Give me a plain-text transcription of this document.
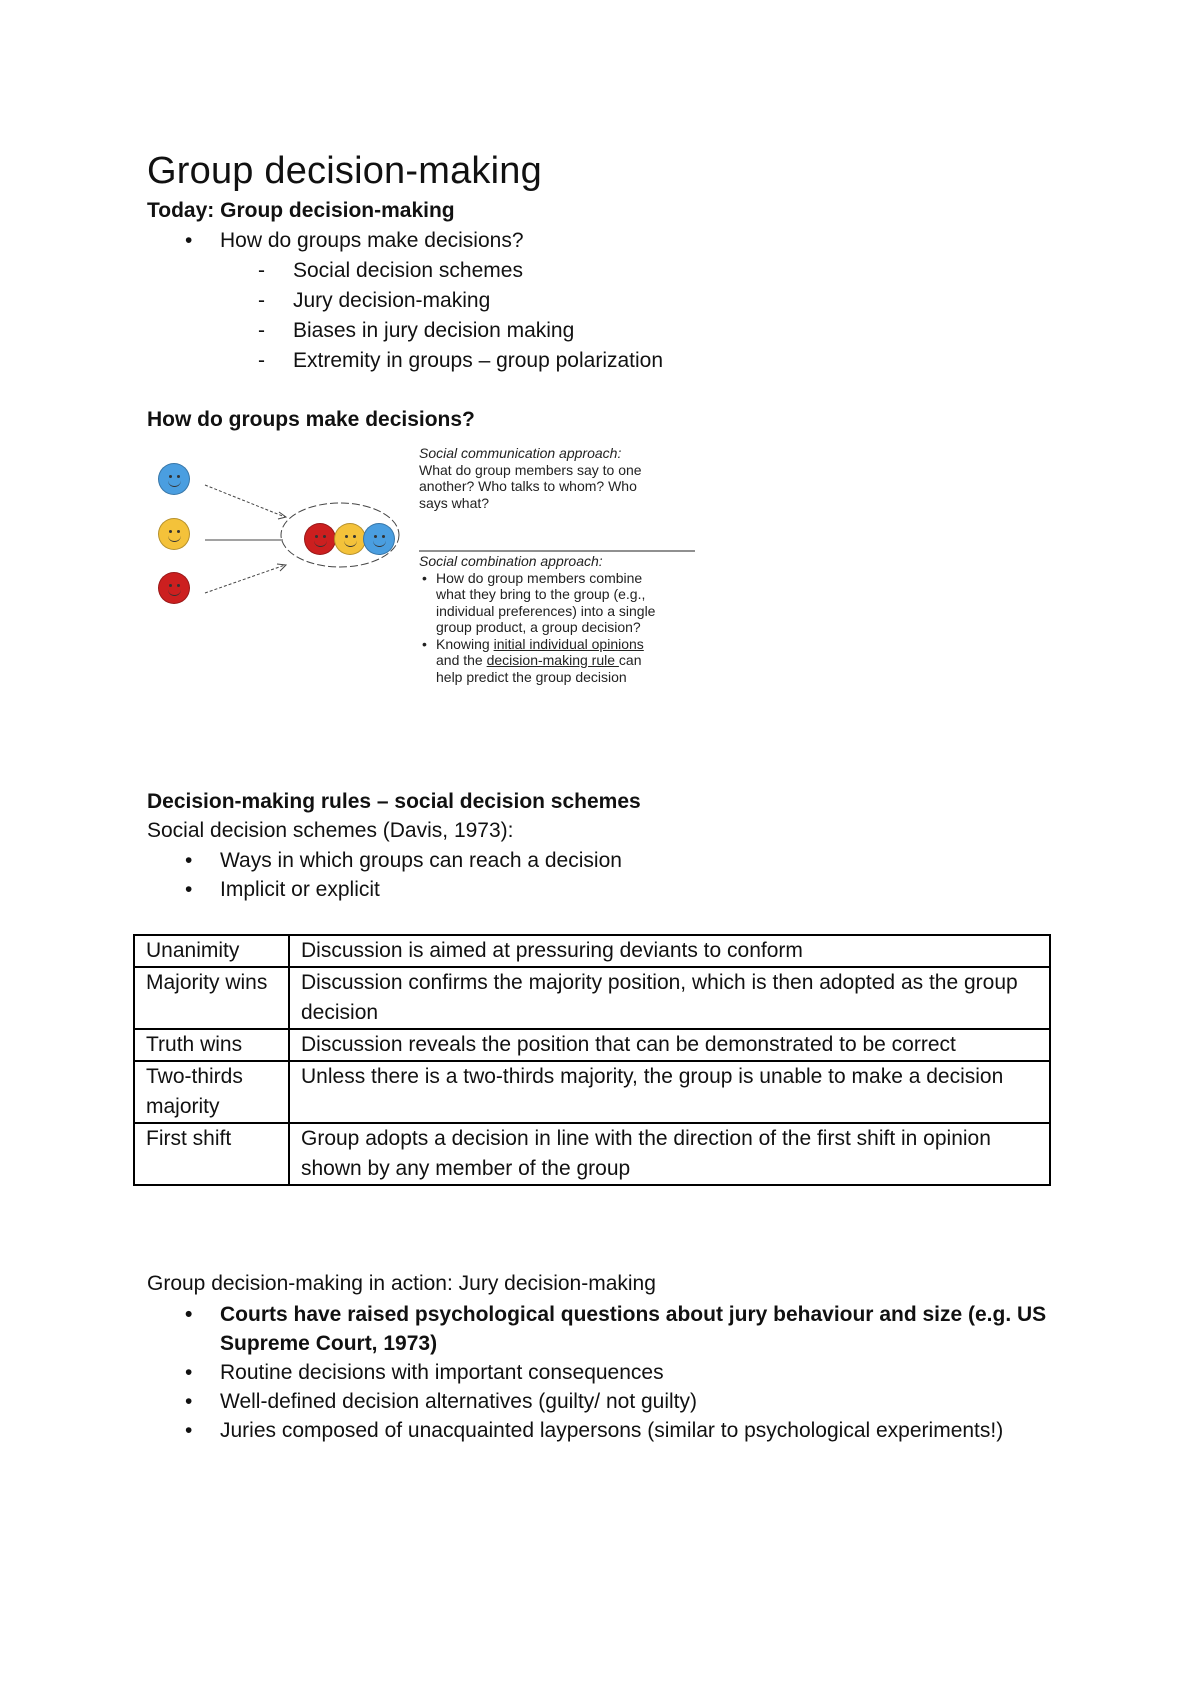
Group decision-making
Today: Group decision-making
• How do groups make decisions?
- Social decision schemes
- Jury decision-making
- Biases in jury decision making
- Extremity in groups – group polarization
How do groups make decisions?
Social communication approach:
What do group members say to one
another? Who talks to whom? Who
says what?
Social combination approach:
• How do group members combine
what they bring to the group (e.g.,
individual preferences) into a single
group product, a group decision?
• Knowing initial individual opinions
and the decision-making rule can
help predict the group decision
Decision-making rules – social decision schemes
Social decision schemes (Davis, 1973):
• Ways in which groups can reach a decision
• Implicit or explicit
Unanimity	Discussion is aimed at pressuring deviants to conform
Majority wins	Discussion confirms the majority position, which is then adopted as the group decision
Truth wins	Discussion reveals the position that can be demonstrated to be correct
Two-thirds majority	Unless there is a two-thirds majority, the group is unable to make a decision
First shift	Group adopts a decision in line with the direction of the first shift in opinion shown by any member of the group
Group decision-making in action: Jury decision-making
• Courts have raised psychological questions about jury behaviour and size (e.g. US Supreme Court, 1973)
• Routine decisions with important consequences
• Well-defined decision alternatives (guilty/ not guilty)
• Juries composed of unacquainted laypersons (similar to psychological experiments!)
